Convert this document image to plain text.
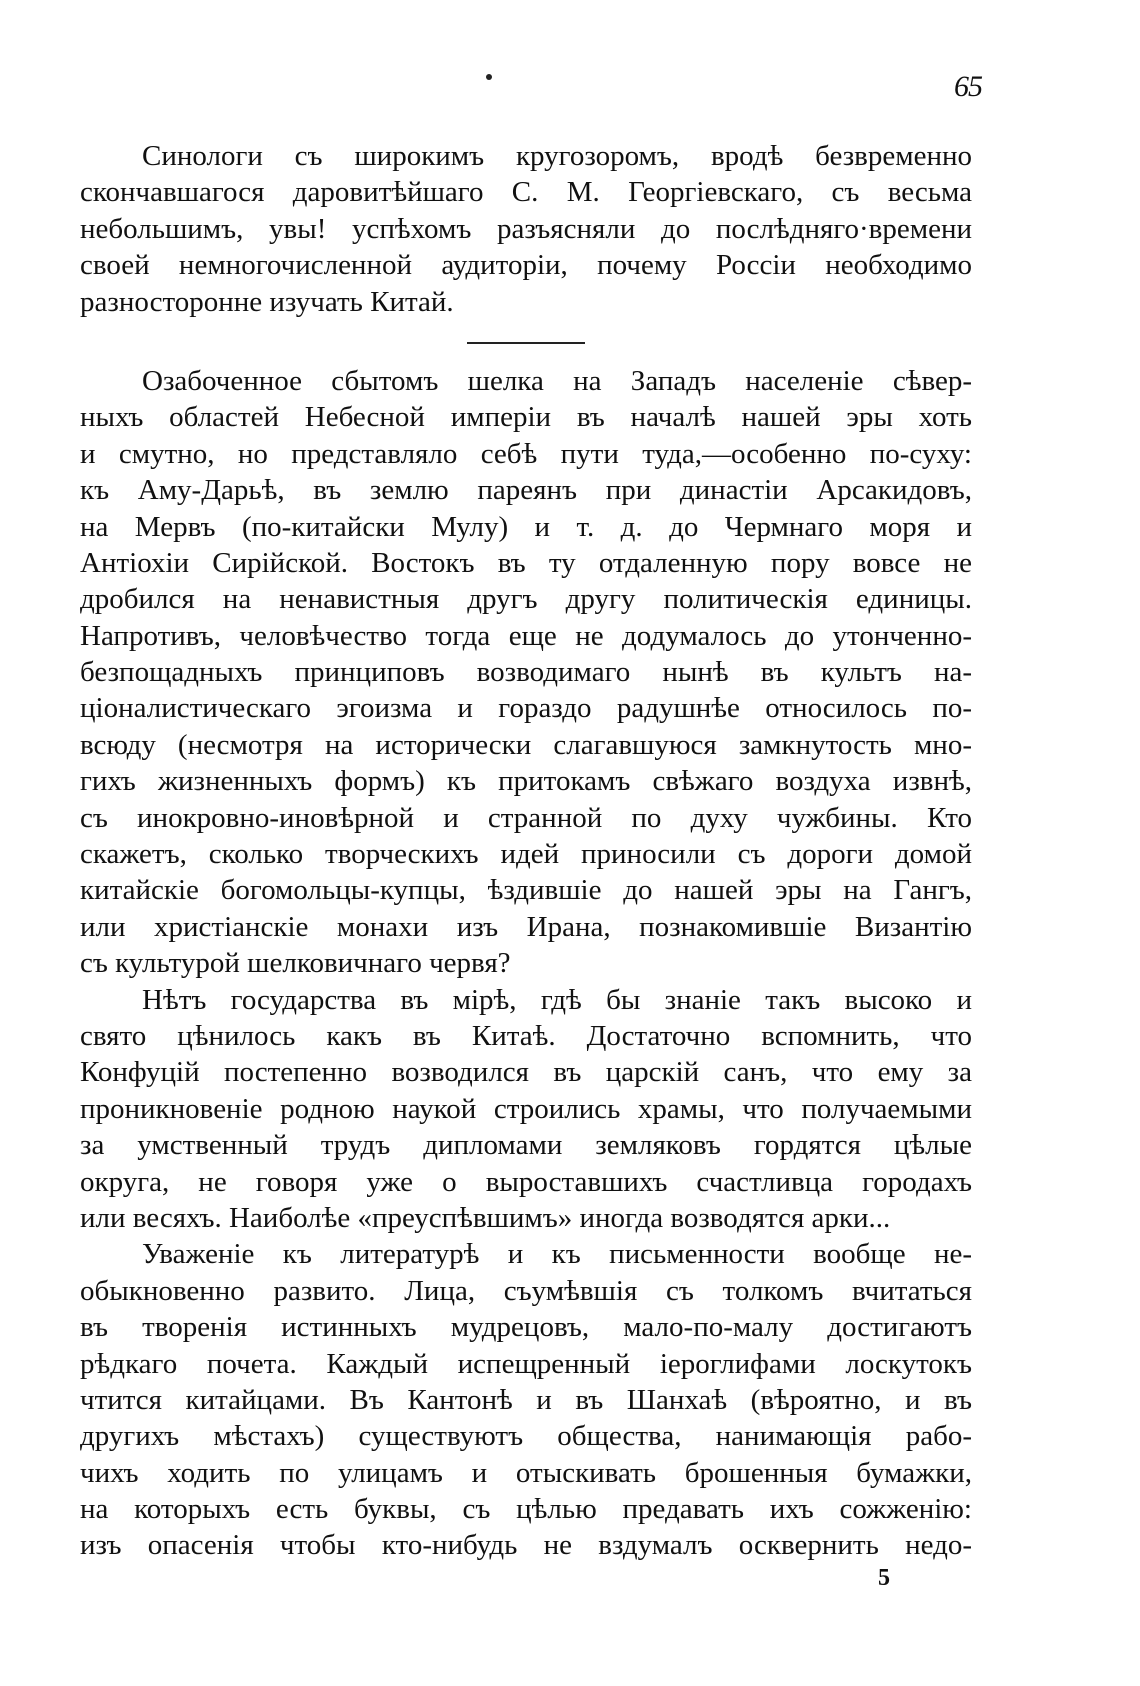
65
Синологи съ широкимъ кругозоромъ, вродѣ безвременно
скончавшагося даровитѣйшаго С. М. Георгіевскаго, съ весьма
небольшимъ, увы! успѣхомъ разъясняли до послѣдняго·времени
своей немногочисленной аудиторіи, почему Россіи необходимо
разносторонне изучать Китай.
Озабоченное сбытомъ шелка на Западъ населеніе сѣвер-
ныхъ областей Небесной имперіи въ началѣ нашей эры хоть
и смутно, но представляло себѣ пути туда,—особенно по-суху:
къ Аму-Дарьѣ, въ землю пареянъ при династіи Арсакидовъ,
на Мервъ (по-китайски Мулу) и т. д. до Чермнаго моря и
Антіохіи Сирійской. Востокъ въ ту отдаленную пору вовсе не
дробился на ненавистныя другъ другу политическія единицы.
Напротивъ, человѣчество тогда еще не додумалось до утонченно-
безпощадныхъ принциповъ возводимаго нынѣ въ культъ на-
ціоналистическаго эгоизма и гораздо радушнѣе относилось по-
всюду (несмотря на исторически слагавшуюся замкнутость мно-
гихъ жизненныхъ формъ) къ притокамъ свѣжаго воздуха извнѣ,
съ инокровно-иновѣрной и странной по духу чужбины. Кто
скажетъ, сколько творческихъ идей приносили съ дороги домой
китайскіе богомольцы-купцы, ѣздившіе до нашей эры на Гангъ,
или христіанскіе монахи изъ Ирана, познакомившіе Византію
съ культурой шелковичнаго червя?
Нѣтъ государства въ мірѣ, гдѣ бы знаніе такъ высоко и
свято цѣнилось какъ въ Китаѣ. Достаточно вспомнить, что
Конфуцій постепенно возводился въ царскій санъ, что ему за
проникновеніе родною наукой строились храмы, что получаемыми
за умственный трудъ дипломами земляковъ гордятся цѣлые
округа, не говоря уже о выроставшихъ счастливца городахъ
или весяхъ. Наиболѣе «преуспѣвшимъ» иногда возводятся арки...
Уваженіе къ литературѣ и къ письменности вообще не-
обыкновенно развито. Лица, съумѣвшія съ толкомъ вчитаться
въ творенія истинныхъ мудрецовъ, мало-по-малу достигаютъ
рѣдкаго почета. Каждый испещренный іероглифами лоскутокъ
чтится китайцами. Въ Кантонѣ и въ Шанхаѣ (вѣроятно, и въ
другихъ мѣстахъ) существуютъ общества, нанимающія рабо-
чихъ ходить по улицамъ и отыскивать брошенныя бумажки,
на которыхъ есть буквы, съ цѣлью предавать ихъ сожженію:
изъ опасенія чтобы кто-нибудь не вздумалъ осквернить недо-
5
